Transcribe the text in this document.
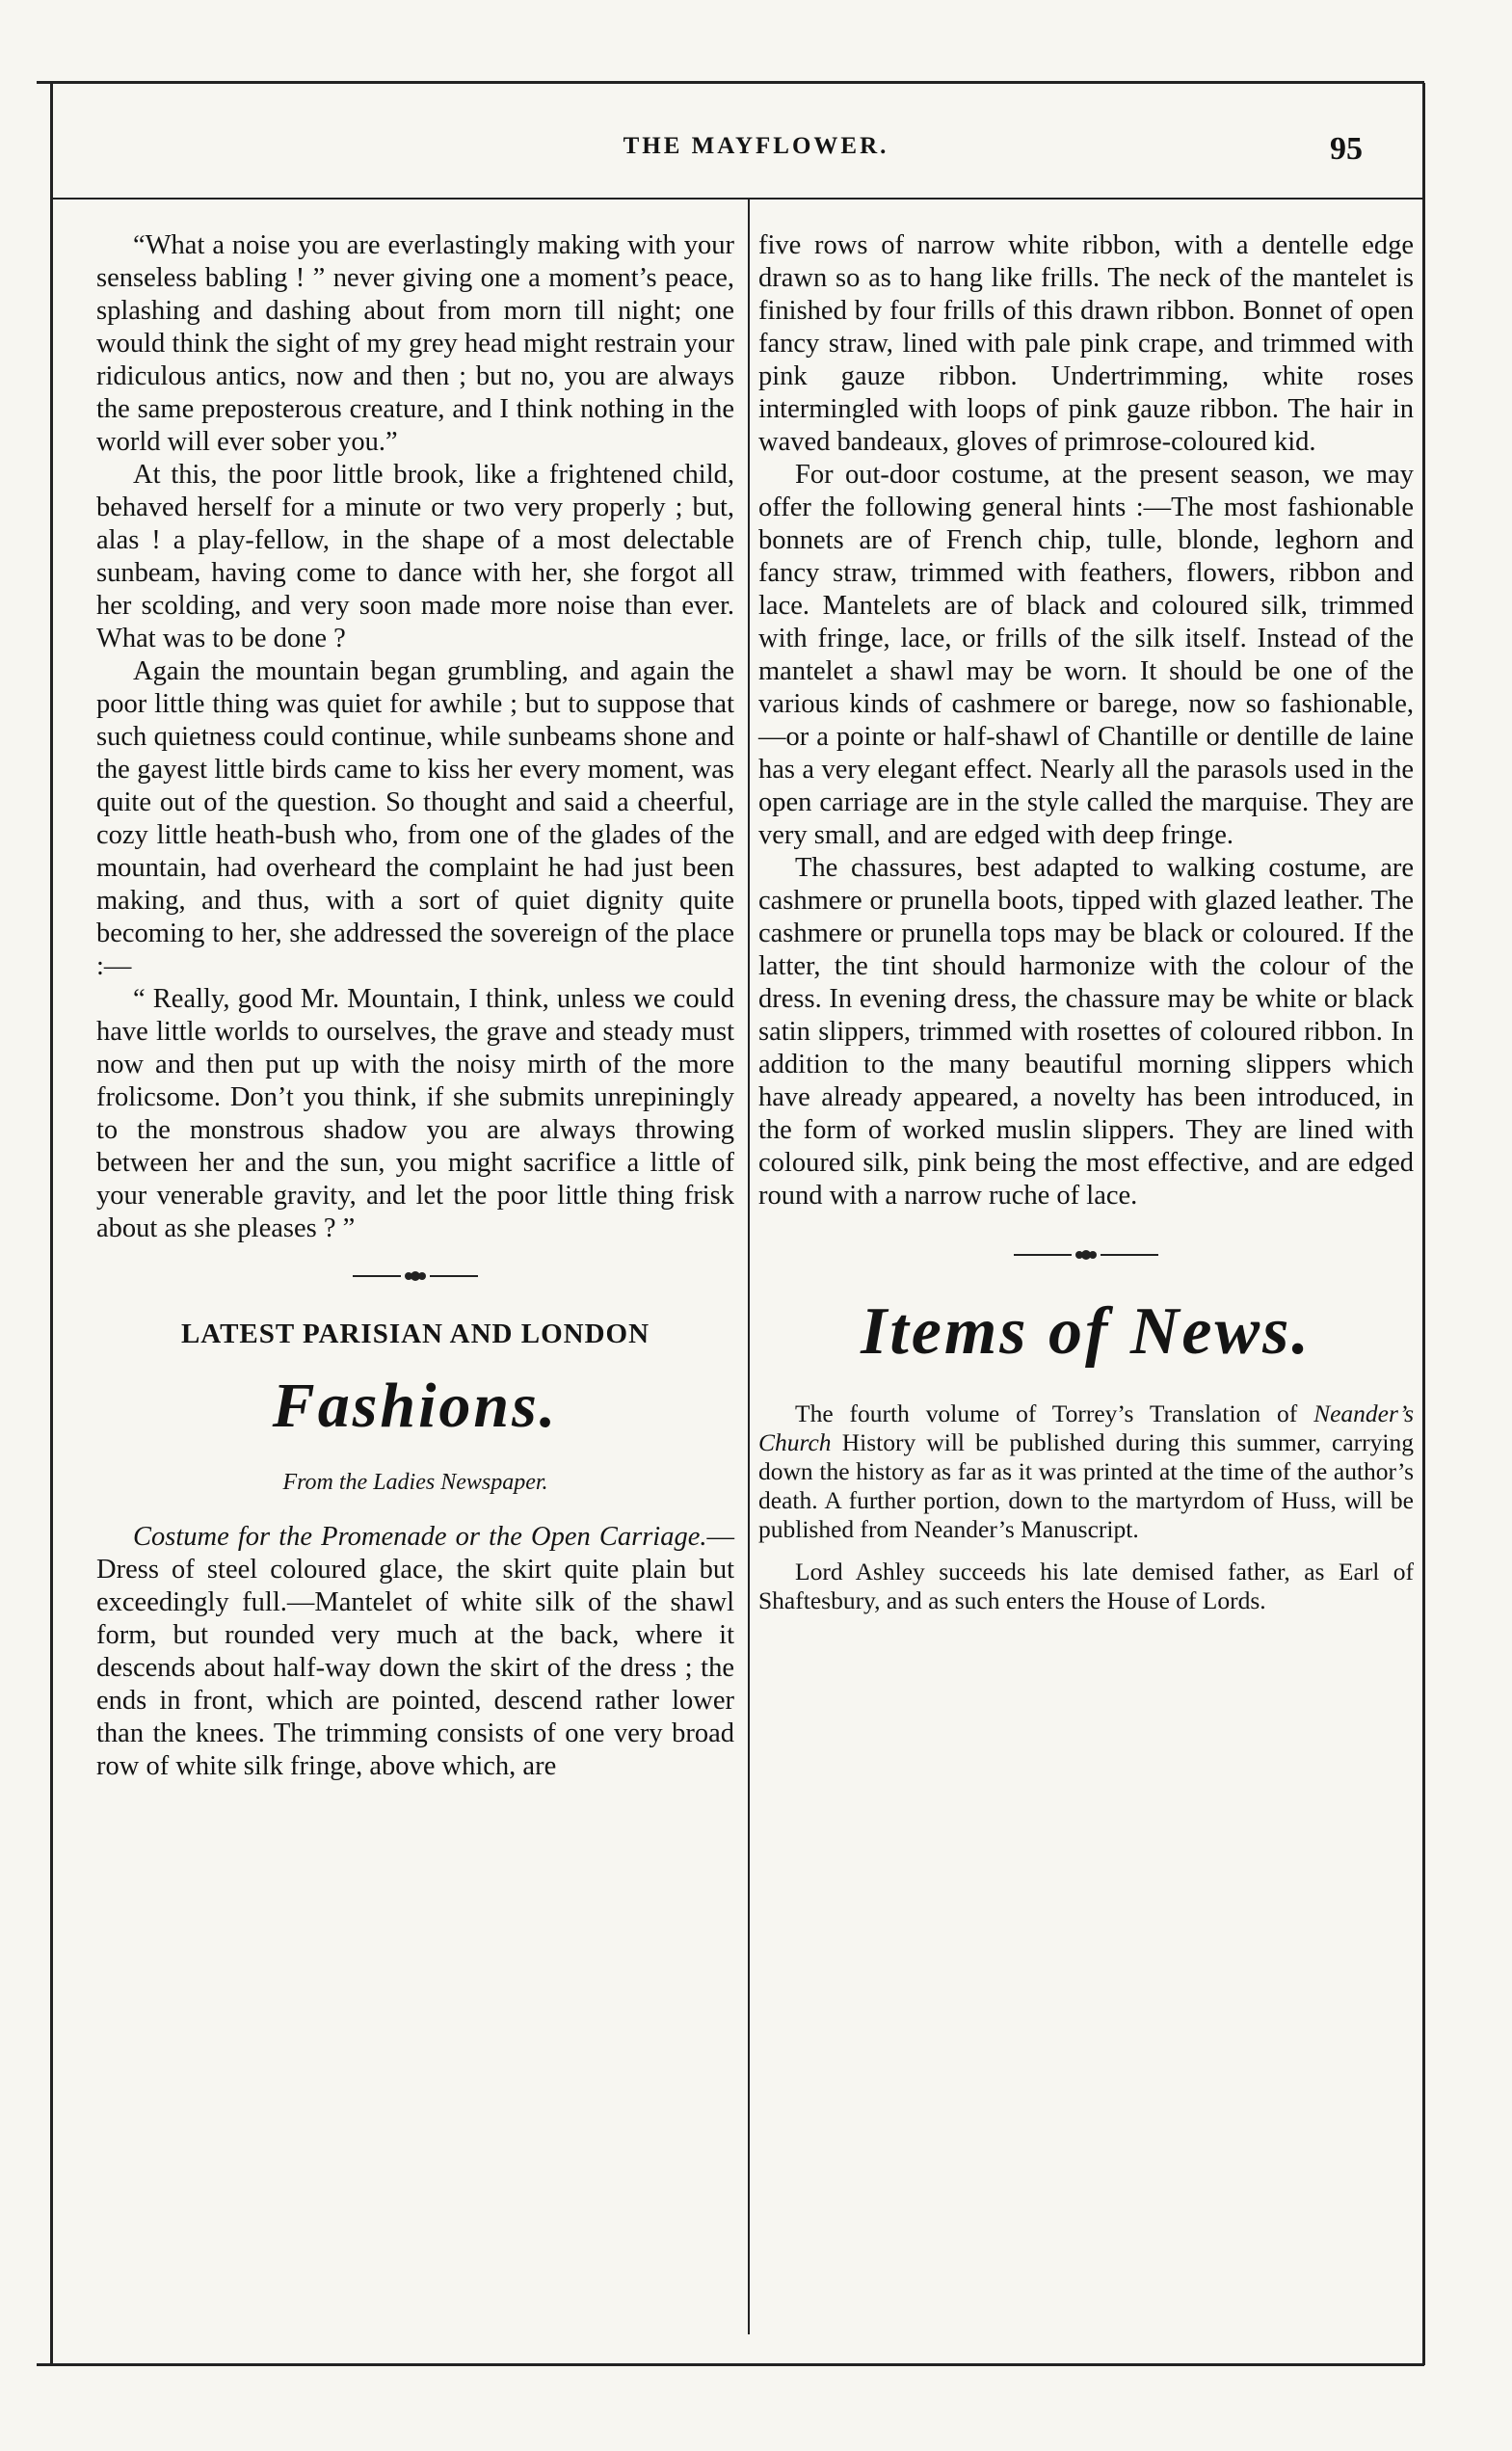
THE MAYFLOWER.	95

“What a noise you are everlastingly making with your senseless babling ! ” never giving one a moment’s peace, splashing and dashing about from morn till night; one would think the sight of my grey head might restrain your ridiculous antics, now and then ; but no, you are always the same preposterous creature, and I think nothing in the world will ever sober you.”

At this, the poor little brook, like a frightened child, behaved herself for a minute or two very properly ; but, alas ! a play-fellow, in the shape of a most delectable sunbeam, having come to dance with her, she forgot all her scolding, and very soon made more noise than ever. What was to be done ?

Again the mountain began grumbling, and again the poor little thing was quiet for awhile ; but to suppose that such quietness could continue, while sunbeams shone and the gayest little birds came to kiss her every moment, was quite out of the question. So thought and said a cheerful, cozy little heath-bush who, from one of the glades of the mountain, had overheard the complaint he had just been making, and thus, with a sort of quiet dignity quite becoming to her, she addressed the sovereign of the place :—

“ Really, good Mr. Mountain, I think, unless we could have little worlds to ourselves, the grave and steady must now and then put up with the noisy mirth of the more frolicsome. Don’t you think, if she submits unrepiningly to the monstrous shadow you are always throwing between her and the sun, you might sacrifice a little of your venerable gravity, and let the poor little thing frisk about as she pleases ? ”

LATEST PARISIAN AND LONDON
Fashions.
From the Ladies Newspaper.

Costume for the Promenade or the Open Carriage.—Dress of steel coloured glace, the skirt quite plain but exceedingly full.—Mantelet of white silk of the shawl form, but rounded very much at the back, where it descends about half-way down the skirt of the dress ; the ends in front, which are pointed, descend rather lower than the knees. The trimming consists of one very broad row of white silk fringe, above which, are

five rows of narrow white ribbon, with a dentelle edge drawn so as to hang like frills. The neck of the mantelet is finished by four frills of this drawn ribbon. Bonnet of open fancy straw, lined with pale pink crape, and trimmed with pink gauze ribbon. Undertrimming, white roses intermingled with loops of pink gauze ribbon. The hair in waved bandeaux, gloves of primrose-coloured kid.

For out-door costume, at the present season, we may offer the following general hints :—The most fashionable bonnets are of French chip, tulle, blonde, leghorn and fancy straw, trimmed with feathers, flowers, ribbon and lace. Mantelets are of black and coloured silk, trimmed with fringe, lace, or frills of the silk itself. Instead of the mantelet a shawl may be worn. It should be one of the various kinds of cashmere or barege, now so fashionable,—or a pointe or half-shawl of Chantille or dentille de laine has a very elegant effect. Nearly all the parasols used in the open carriage are in the style called the marquise. They are very small, and are edged with deep fringe.

The chassures, best adapted to walking costume, are cashmere or prunella boots, tipped with glazed leather. The cashmere or prunella tops may be black or coloured. If the latter, the tint should harmonize with the colour of the dress. In evening dress, the chassure may be white or black satin slippers, trimmed with rosettes of coloured ribbon. In addition to the many beautiful morning slippers which have already appeared, a novelty has been introduced, in the form of worked muslin slippers. They are lined with coloured silk, pink being the most effective, and are edged round with a narrow ruche of lace.

Items of News.

The fourth volume of Torrey’s Translation of Neander’s Church History will be published during this summer, carrying down the history as far as it was printed at the time of the author’s death. A further portion, down to the martyrdom of Huss, will be published from Neander’s Manuscript.

Lord Ashley succeeds his late demised father, as Earl of Shaftesbury, and as such enters the House of Lords.
